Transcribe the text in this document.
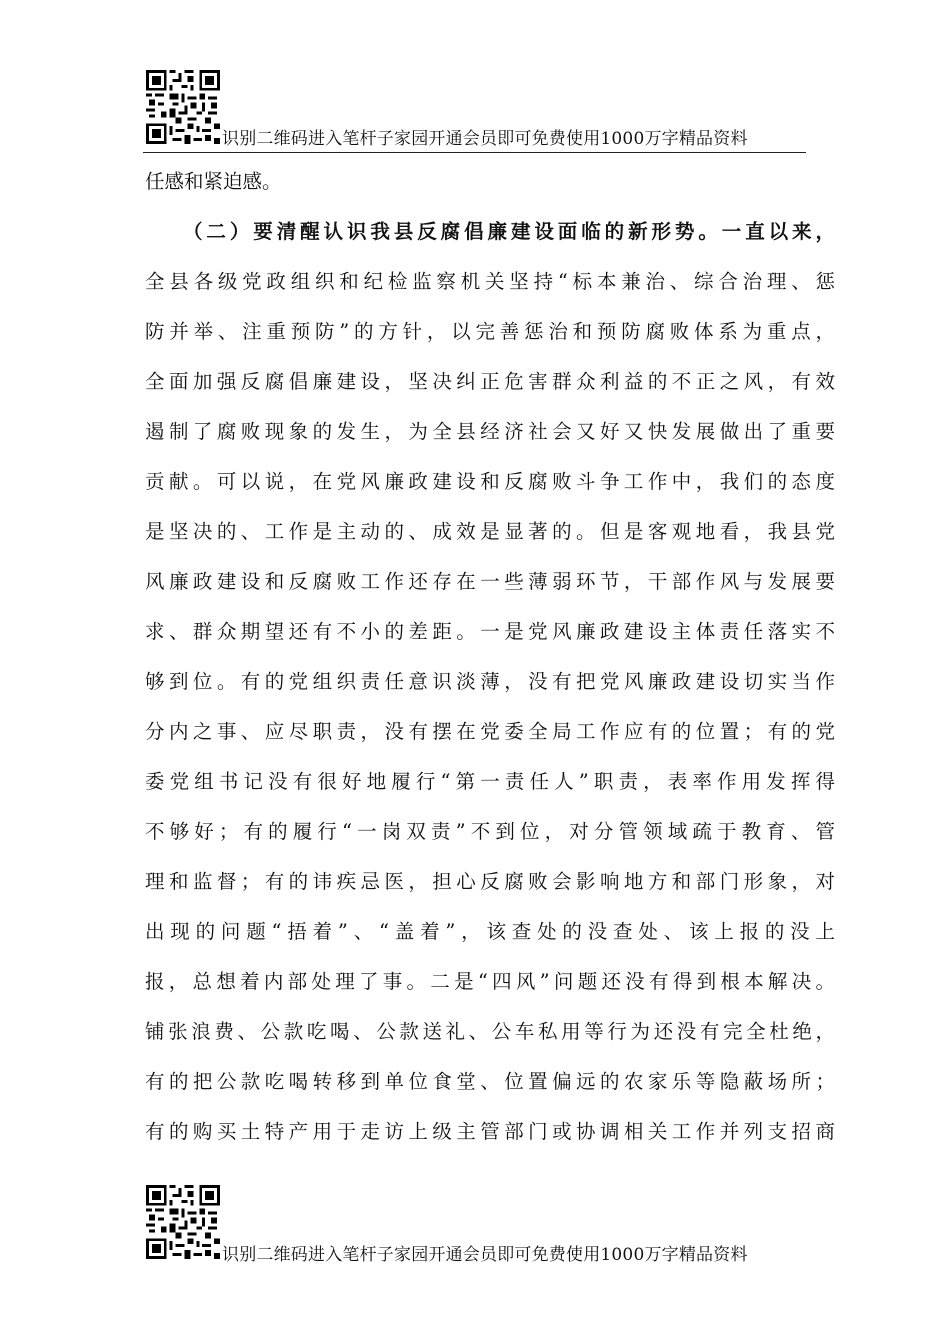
识别二维码进入笔杆子家园开通会员即可免费使用1000万字精品资料
任感和紧迫感。
（二）要清醒认识我县反腐倡廉建设面临的新形势。一直以来，
全县各级党政组织和纪检监察机关坚持“标本兼治、综合治理、惩
防并举、注重预防”的方针，以完善惩治和预防腐败体系为重点，
全面加强反腐倡廉建设，坚决纠正危害群众利益的不正之风，有效
遏制了腐败现象的发生，为全县经济社会又好又快发展做出了重要
贡献。可以说，在党风廉政建设和反腐败斗争工作中，我们的态度
是坚决的、工作是主动的、成效是显著的。但是客观地看，我县党
风廉政建设和反腐败工作还存在一些薄弱环节，干部作风与发展要
求、群众期望还有不小的差距。一是党风廉政建设主体责任落实不
够到位。有的党组织责任意识淡薄，没有把党风廉政建设切实当作
分内之事、应尽职责，没有摆在党委全局工作应有的位置；有的党
委党组书记没有很好地履行“第一责任人”职责，表率作用发挥得
不够好；有的履行“一岗双责”不到位，对分管领域疏于教育、管
理和监督；有的讳疾忌医，担心反腐败会影响地方和部门形象，对
出现的问题“捂着”、“盖着”，该查处的没查处、该上报的没上
报，总想着内部处理了事。二是“四风”问题还没有得到根本解决。
铺张浪费、公款吃喝、公款送礼、公车私用等行为还没有完全杜绝，
有的把公款吃喝转移到单位食堂、位置偏远的农家乐等隐蔽场所；
有的购买土特产用于走访上级主管部门或协调相关工作并列支招商
识别二维码进入笔杆子家园开通会员即可免费使用1000万字精品资料
